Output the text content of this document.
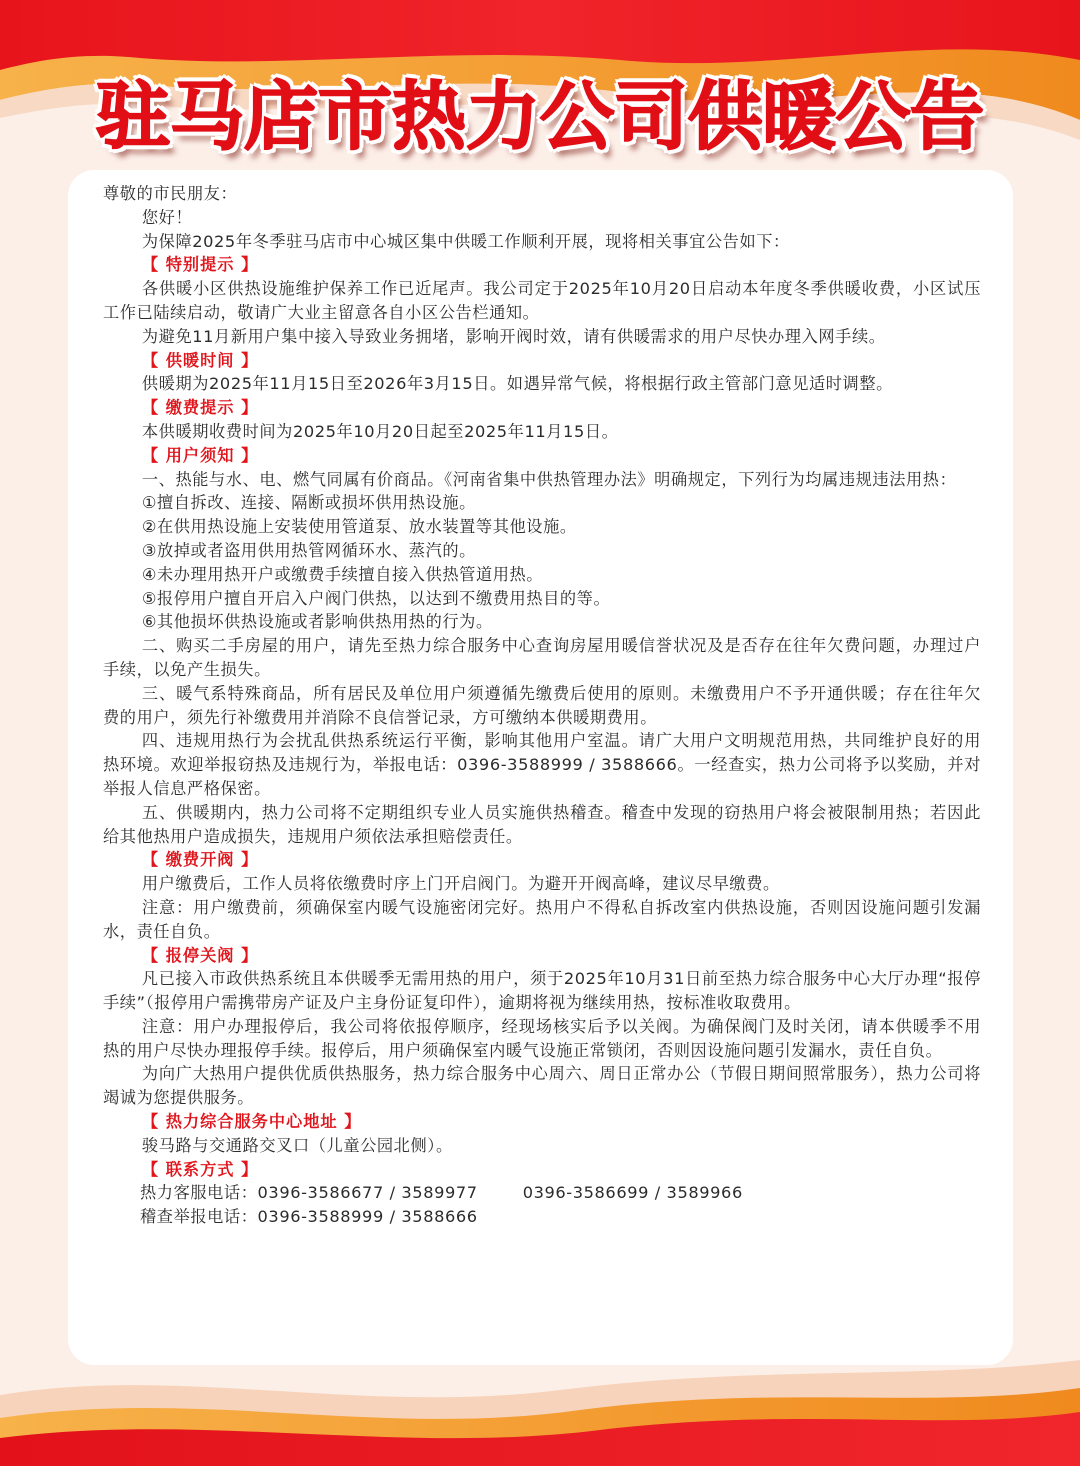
驻马店市热力公司供暖公告

尊敬的市民朋友：

您好！

为保障2025年冬季驻马店市中心城区集中供暖工作顺利开展，现将相关事宜公告如下：

【 特别提示 】

各供暖小区供热设施维护保养工作已近尾声。我公司定于2025年10月20日启动本年度冬季供暖收费，小区试压工作已陆续启动，敬请广大业主留意各自小区公告栏通知。

为避免11月新用户集中接入导致业务拥堵，影响开阀时效，请有供暖需求的用户尽快办理入网手续。

【 供暖时间 】

供暖期为2025年11月15日至2026年3月15日。如遇异常气候，将根据行政主管部门意见适时调整。

【 缴费提示 】

本供暖期收费时间为2025年10月20日起至2025年11月15日。

【 用户须知 】

一、热能与水、电、燃气同属有价商品。《河南省集中供热管理办法》明确规定，下列行为均属违规违法用热：

①擅自拆改、连接、隔断或损坏供用热设施。

②在供用热设施上安装使用管道泵、放水装置等其他设施。

③放掉或者盗用供用热管网循环水、蒸汽的。

④未办理用热开户或缴费手续擅自接入供热管道用热。

⑤报停用户擅自开启入户阀门供热，以达到不缴费用热目的等。

⑥其他损坏供热设施或者影响供热用热的行为。

二、购买二手房屋的用户，请先至热力综合服务中心查询房屋用暖信誉状况及是否存在往年欠费问题，办理过户手续，以免产生损失。

三、暖气系特殊商品，所有居民及单位用户须遵循先缴费后使用的原则。未缴费用户不予开通供暖；存在往年欠费的用户，须先行补缴费用并消除不良信誉记录，方可缴纳本供暖期费用。

四、违规用热行为会扰乱供热系统运行平衡，影响其他用户室温。请广大用户文明规范用热，共同维护良好的用热环境。欢迎举报窃热及违规行为，举报电话：0396-3588999 / 3588666。一经查实，热力公司将予以奖励，并对举报人信息严格保密。

五、供暖期内，热力公司将不定期组织专业人员实施供热稽查。稽查中发现的窃热用户将会被限制用热；若因此给其他热用户造成损失，违规用户须依法承担赔偿责任。

【 缴费开阀 】

用户缴费后，工作人员将依缴费时序上门开启阀门。为避开开阀高峰，建议尽早缴费。

注意：用户缴费前，须确保室内暖气设施密闭完好。热用户不得私自拆改室内供热设施，否则因设施问题引发漏水，责任自负。

【 报停关阀 】

凡已接入市政供热系统且本供暖季无需用热的用户，须于2025年10月31日前至热力综合服务中心大厅办理“报停手续”（报停用户需携带房产证及户主身份证复印件），逾期将视为继续用热，按标准收取费用。

注意：用户办理报停后，我公司将依报停顺序，经现场核实后予以关阀。为确保阀门及时关闭，请本供暖季不用热的用户尽快办理报停手续。报停后，用户须确保室内暖气设施正常锁闭，否则因设施问题引发漏水，责任自负。

为向广大热用户提供优质供热服务，热力综合服务中心周六、周日正常办公（节假日期间照常服务），热力公司将竭诚为您提供服务。

【 热力综合服务中心地址 】

骏马路与交通路交叉口（儿童公园北侧）。

【 联系方式 】

热力客服电话：0396-3586677 / 3589977	0396-3586699 / 3589966
稽查举报电话：0396-3588999 / 3588666
